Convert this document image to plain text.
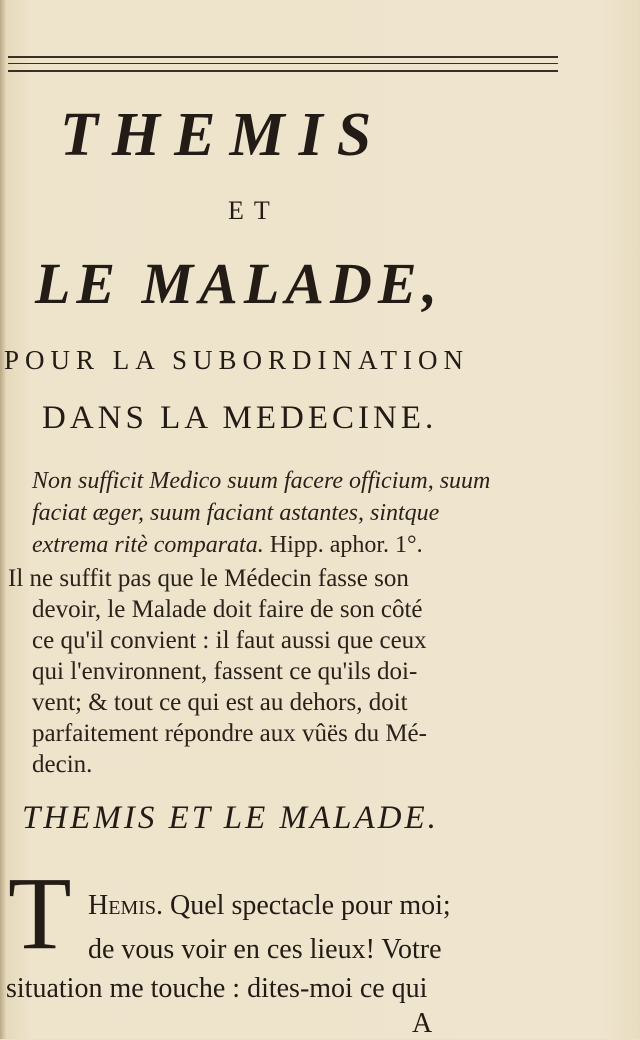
THEMIS
ET
LE MALADE,
POUR LA SUBORDINATION
DANS LA MEDECINE.
Non sufficit Medico suum facere officium, suum
faciat æger, suum faciant astantes, sintque
extrema ritè comparata. Hipp. aphor. 1°.
Il ne suffit pas que le Médecin fasse son
devoir, le Malade doit faire de son côté
ce qu'il convient : il faut aussi que ceux
qui l'environnent, fassent ce qu'ils doi-
vent; & tout ce qui est au dehors, doit
parfaitement répondre aux vûës du Mé-
decin.
THEMIS ET LE MALADE.
T Hemis. Quel spectacle pour moi;
de vous voir en ces lieux! Votre
situation me touche : dites-moi ce qui
A
